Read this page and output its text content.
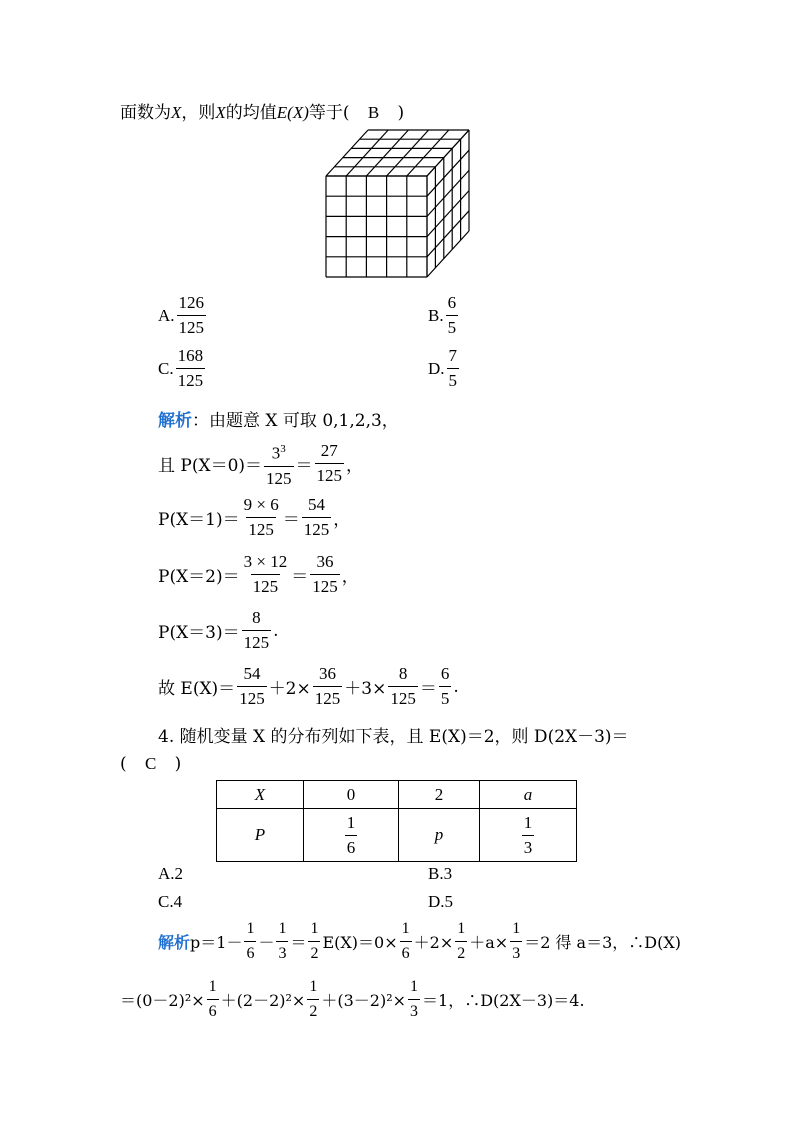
面数为X，则X的均值E(X)等于( B )
A. $\frac{126}{125}$	B. $\frac{6}{5}$
C. $\frac{168}{125}$	D. $\frac{7}{5}$
解析：由题意 X 可取 0,1,2,3，
且 $P(X=0)= \frac{3^3}{125} = \frac{27}{125}$ ，
$P(X=1)= \frac{9 \times 6}{125} = \frac{54}{125}$ ，
$P(X=2)= \frac{3 \times 12}{125} = \frac{36}{125}$ ，
$P(X=3)= \frac{8}{125}$ .
故 $E(X)= \frac{54}{125} +2\times \frac{36}{125} +3\times \frac{8}{125} = \frac{6}{5}$ .
4. 随机变量 X 的分布列如下表，且 E(X)＝2，则 D(2X－3)＝
( C )
X	0	2	a
P	$\frac{1}{6}$	p	$\frac{1}{3}$
A.2	B.3
C.4	D.5
解析 $p=1- \frac{1}{6} - \frac{1}{3} = \frac{1}{2} E(X)=0\times \frac{1}{6} +2\times \frac{1}{2} +a\times \frac{1}{3} =2$ 得 a＝3，∴D(X)
$=(0-2)^2\times \frac{1}{6} +(2-2)^2\times \frac{1}{2} +(3-2)^2\times \frac{1}{3} =1$，∴D(2X－3)＝4.
